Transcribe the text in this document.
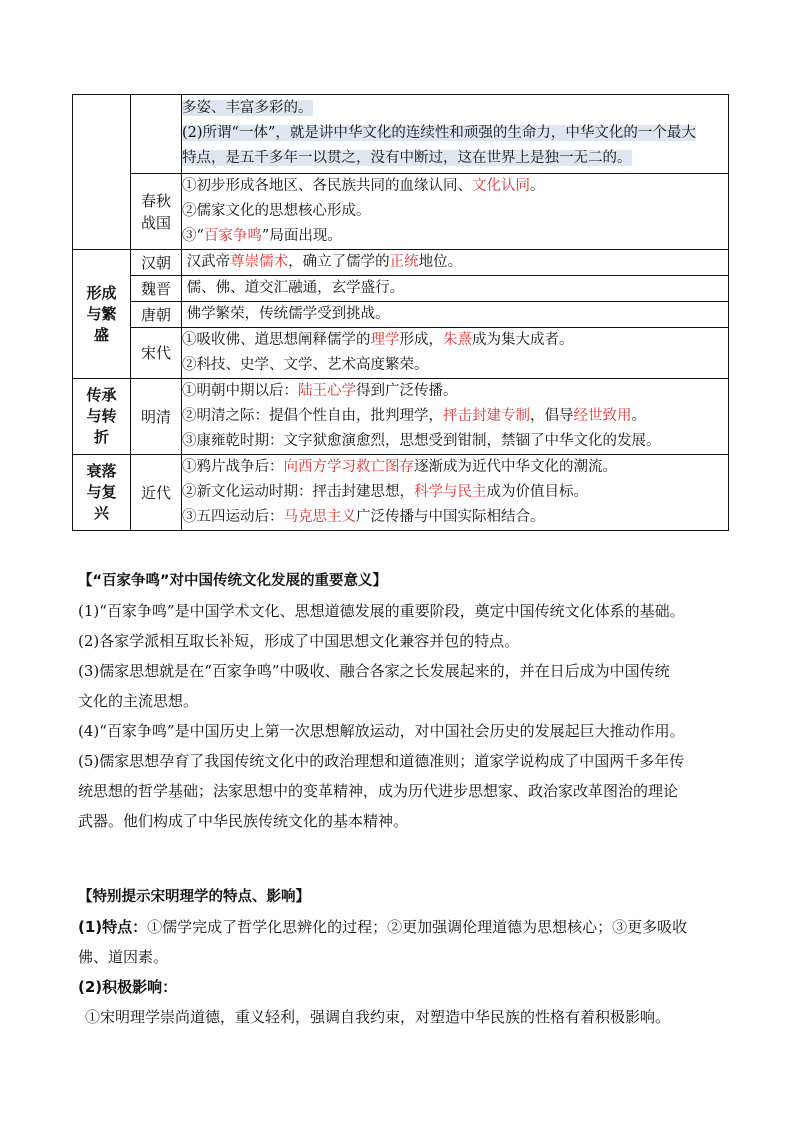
		多姿、丰富多彩的。
(2)所谓“一体”，就是讲中华文化的连续性和顽强的生命力，中华文化的一个最大
特点，是五千多年一以贯之，没有中断过，这在世界上是独一无二的。

	春秋战国	①初步形成各地区、各民族共同的血缘认同、文化认同。
②儒家文化的思想核心形成。
③“百家争鸣”局面出现。

形成与繁盛	汉朝	汉武帝尊崇儒术，确立了儒学的正统地位。

	魏晋	儒、佛、道交汇融通，玄学盛行。

	唐朝	佛学繁荣，传统儒学受到挑战。

	宋代	①吸收佛、道思想阐释儒学的理学形成，朱熹成为集大成者。
②科技、史学、文学、艺术高度繁荣。

传承与转折	明清	①明朝中期以后：陆王心学得到广泛传播。
②明清之际：提倡个性自由，批判理学，抨击封建专制，倡导经世致用。
③康雍乾时期：文字狱愈演愈烈，思想受到钳制，禁锢了中华文化的发展。

衰落与复兴	近代	①鸦片战争后：向西方学习救亡图存逐渐成为近代中华文化的潮流。
②新文化运动时期：抨击封建思想，科学与民主成为价值目标。
③五四运动后：马克思主义广泛传播与中国实际相结合。
【“百家争鸣”对中国传统文化发展的重要意义】
(1)“百家争鸣”是中国学术文化、思想道德发展的重要阶段，奠定中国传统文化体系的基础。
(2)各家学派相互取长补短，形成了中国思想文化兼容并包的特点。
(3)儒家思想就是在“百家争鸣”中吸收、融合各家之长发展起来的，并在日后成为中国传统
文化的主流思想。
(4)“百家争鸣”是中国历史上第一次思想解放运动，对中国社会历史的发展起巨大推动作用。
(5)儒家思想孕育了我国传统文化中的政治理想和道德准则；道家学说构成了中国两千多年传
统思想的哲学基础；法家思想中的变革精神，成为历代进步思想家、政治家改革图治的理论
武器。他们构成了中华民族传统文化的基本精神。
【特别提示宋明理学的特点、影响】
(1)特点：①儒学完成了哲学化思辨化的过程；②更加强调伦理道德为思想核心；③更多吸收
佛、道因素。
(2)积极影响：
①宋明理学崇尚道德，重义轻利，强调自我约束，对塑造中华民族的性格有着积极影响。
